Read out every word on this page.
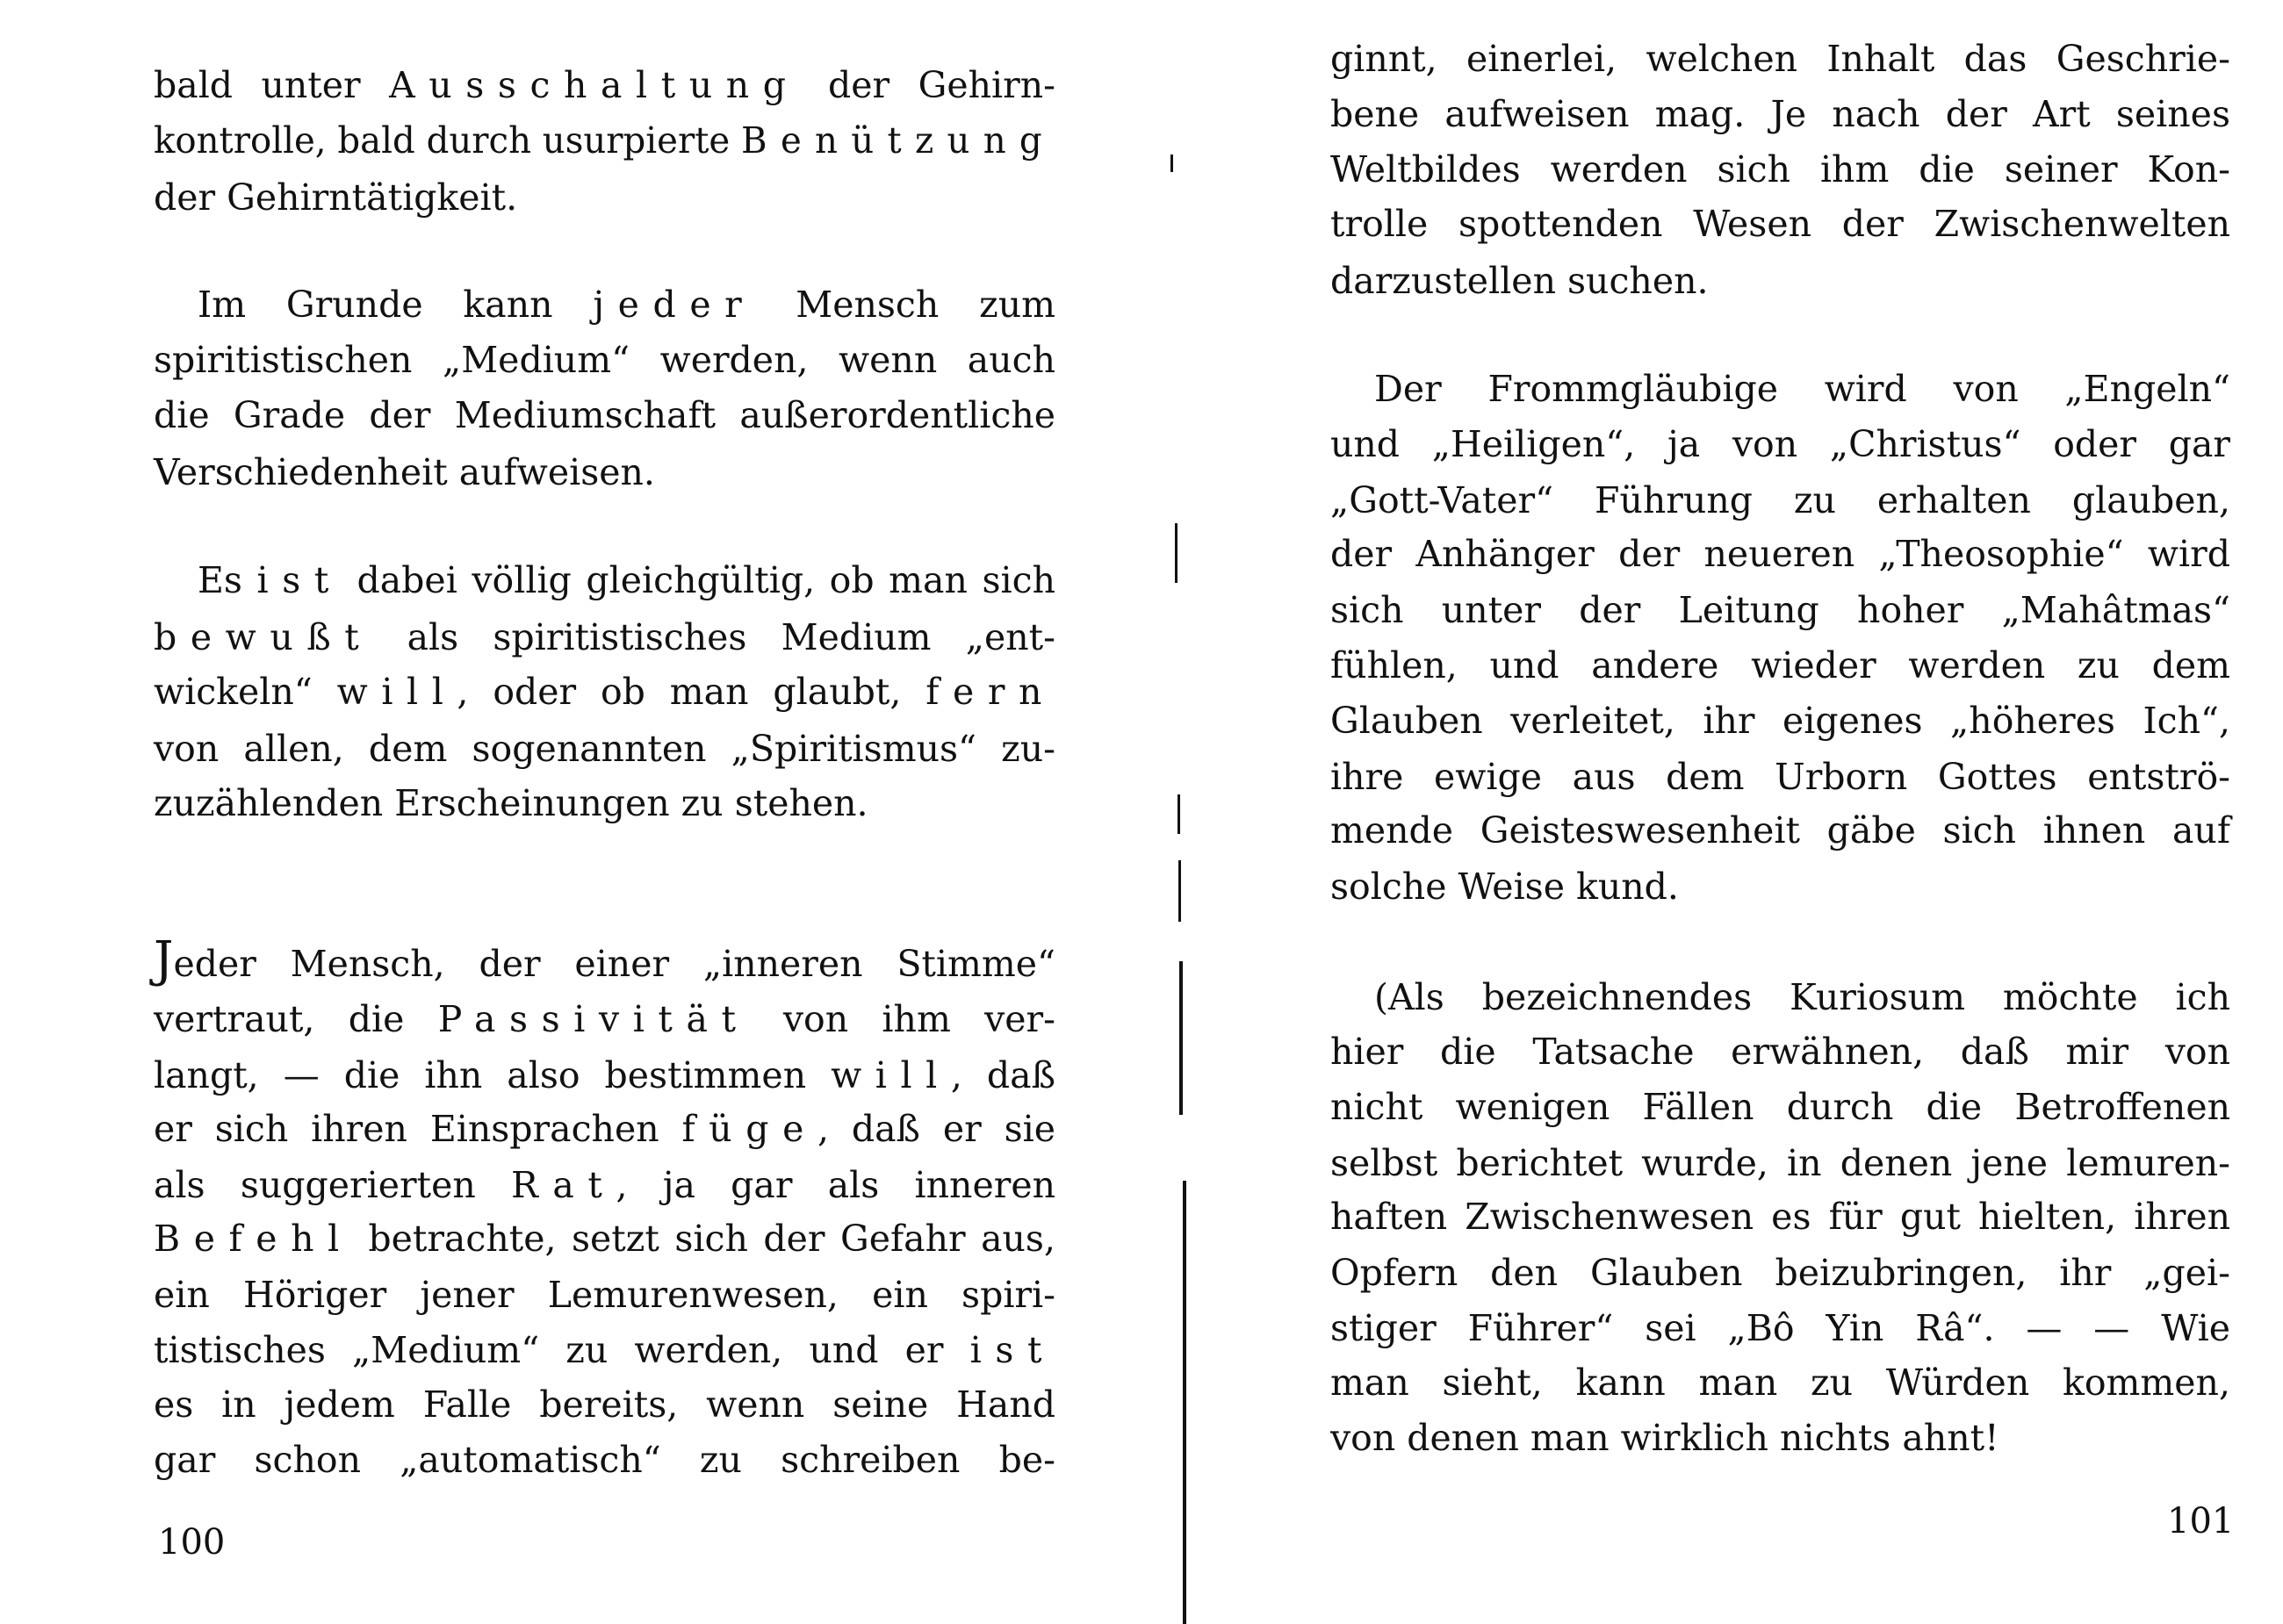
bald unter Ausschaltung der Gehirn-
kontrolle, bald durch usurpierte Benützung
der Gehirntätigkeit.
Im Grunde kann jeder Mensch zum
spiritistischen „Medium“ werden, wenn auch
die Grade der Mediumschaft außerordentliche
Verschiedenheit aufweisen.
Es ist dabei völlig gleichgültig, ob man sich
bewußt als spiritistisches Medium „ent-
wickeln“ will, oder ob man glaubt, fern
von allen, dem sogenannten „Spiritismus“ zu-
zuzählenden Erscheinungen zu stehen.
Jeder Mensch, der einer „inneren Stimme“
vertraut, die Passivität von ihm ver-
langt, — die ihn also bestimmen will, daß
er sich ihren Einsprachen füge, daß er sie
als suggerierten Rat, ja gar als inneren
Befehl betrachte, setzt sich der Gefahr aus,
ein Höriger jener Lemurenwesen, ein spiri-
tistisches „Medium“ zu werden, und er ist
es in jedem Falle bereits, wenn seine Hand
gar schon „automatisch“ zu schreiben be-
100
ginnt, einerlei, welchen Inhalt das Geschrie-
bene aufweisen mag. Je nach der Art seines
Weltbildes werden sich ihm die seiner Kon-
trolle spottenden Wesen der Zwischenwelten
darzustellen suchen.
Der Frommgläubige wird von „Engeln“
und „Heiligen“, ja von „Christus“ oder gar
„Gott-Vater“ Führung zu erhalten glauben,
der Anhänger der neueren „Theosophie“ wird
sich unter der Leitung hoher „Mahâtmas“
fühlen, und andere wieder werden zu dem
Glauben verleitet, ihr eigenes „höheres Ich“,
ihre ewige aus dem Urborn Gottes entströ-
mende Geisteswesenheit gäbe sich ihnen auf
solche Weise kund.
(Als bezeichnendes Kuriosum möchte ich
hier die Tatsache erwähnen, daß mir von
nicht wenigen Fällen durch die Betroffenen
selbst berichtet wurde, in denen jene lemuren-
haften Zwischenwesen es für gut hielten, ihren
Opfern den Glauben beizubringen, ihr „gei-
stiger Führer“ sei „Bô Yin Râ“. — — Wie
man sieht, kann man zu Würden kommen,
von denen man wirklich nichts ahnt!
101
